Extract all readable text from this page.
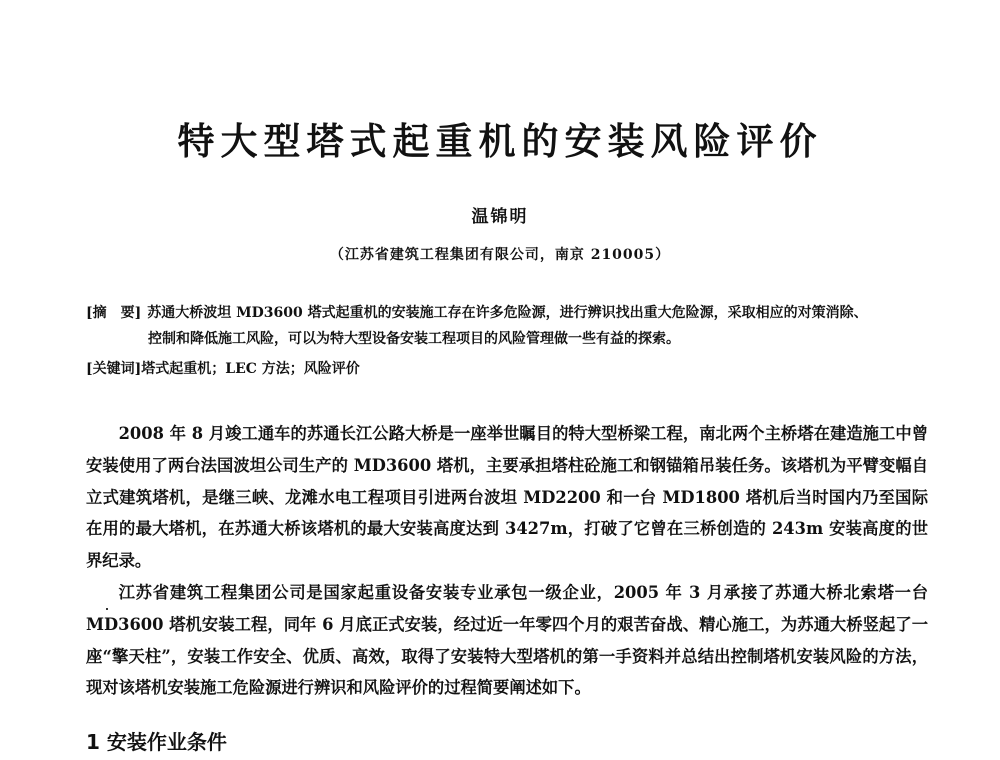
特大型塔式起重机的安装风险评价
温锦明
（江苏省建筑工程集团有限公司，南京 210005）
[摘　要] 苏通大桥波坦 MD3600 塔式起重机的安装施工存在许多危险源，进行辨识找出重大危险源，采取相应的对策消除、
控制和降低施工风险，可以为特大型设备安装工程项目的风险管理做一些有益的探索。
[关键词]塔式起重机；LEC 方法；风险评价

2008 年 8 月竣工通车的苏通长江公路大桥是一座举世瞩目的特大型桥梁工程，南北两个主桥塔在建造施工中曾安装使用了两台法国波坦公司生产的 MD3600 塔机，主要承担塔柱砼施工和钢锚箱吊装任务。该塔机为平臂变幅自立式建筑塔机，是继三峡、龙滩水电工程项目引进两台波坦 MD2200 和一台 MD1800 塔机后当时国内乃至国际在用的最大塔机，在苏通大桥该塔机的最大安装高度达到 3427m，打破了它曾在三桥创造的 243m 安装高度的世界纪录。

江苏省建筑工程集团公司是国家起重设备安装专业承包一级企业，2005 年 3 月承接了苏通大桥北索塔一台 MD3600 塔机安装工程，同年 6 月底正式安装，经过近一年零四个月的艰苦奋战、精心施工，为苏通大桥竖起了一座“擎天柱”，安装工作安全、优质、高效，取得了安装特大型塔机的第一手资料并总结出控制塔机安装风险的方法，现对该塔机安装施工危险源进行辨识和风险评价的过程简要阐述如下。

1 安装作业条件
